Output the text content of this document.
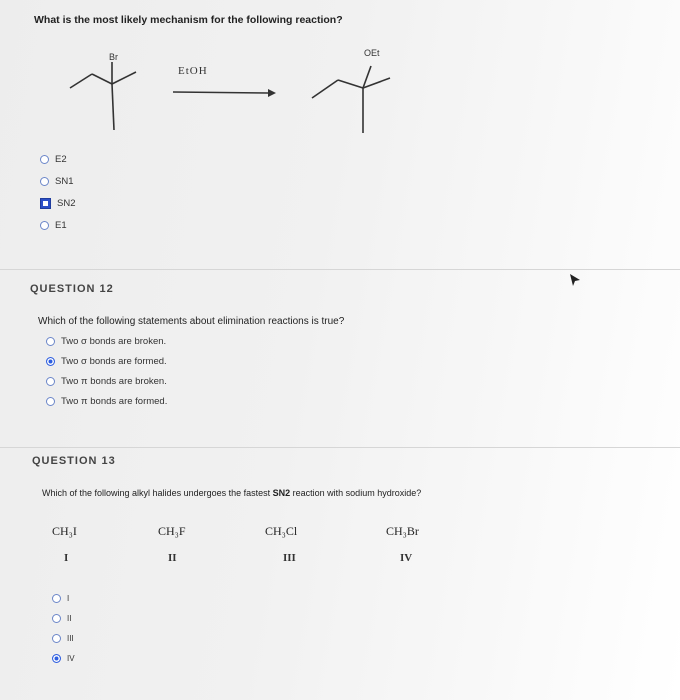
What is the most likely mechanism for the following reaction?
Br
EtOH
OEt
E2
SN1
SN2
E1
QUESTION 12
Which of the following statements about elimination reactions is true?
Two σ bonds are broken.
Two σ bonds are formed.
Two π bonds are broken.
Two π bonds are formed.
QUESTION 13
Which of the following alkyl halides undergoes the fastest SN2 reaction with sodium hydroxide?
CH₃I
I
CH₃F
II
CH₃Cl
III
CH₃Br
IV
I
II
III
IV
